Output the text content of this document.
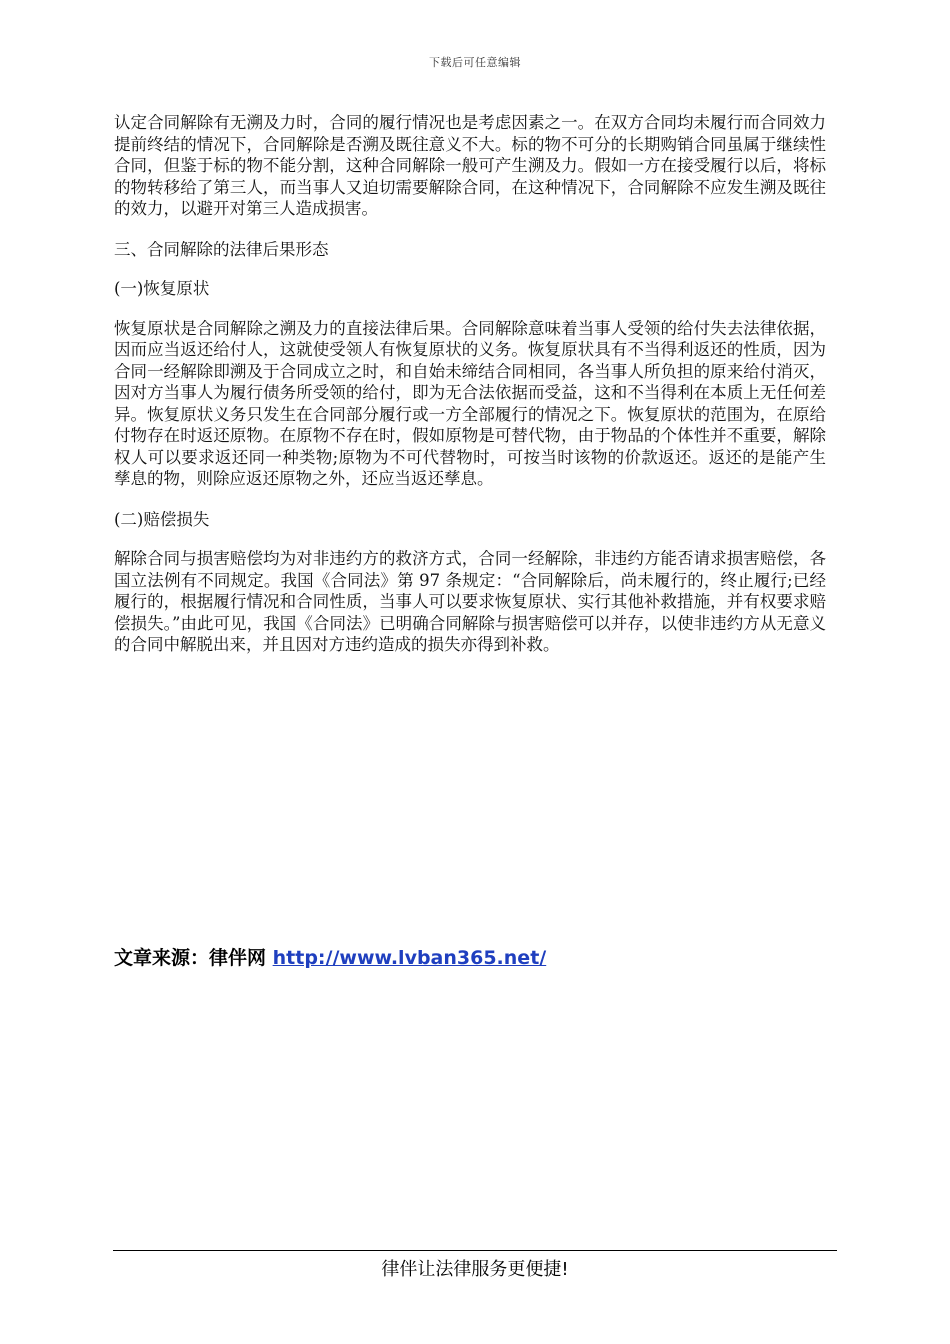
下载后可任意编辑

认定合同解除有无溯及力时，合同的履行情况也是考虑因素之一。在双方合同均未履行而合同效力提前终结的情况下，合同解除是否溯及既往意义不大。标的物不可分的长期购销合同虽属于继续性合同，但鉴于标的物不能分割，这种合同解除一般可产生溯及力。假如一方在接受履行以后，将标的物转移给了第三人，而当事人又迫切需要解除合同，在这种情况下，合同解除不应发生溯及既往的效力，以避开对第三人造成损害。

三、合同解除的法律后果形态

(一)恢复原状

恢复原状是合同解除之溯及力的直接法律后果。合同解除意味着当事人受领的给付失去法律依据，因而应当返还给付人，这就使受领人有恢复原状的义务。恢复原状具有不当得利返还的性质，因为合同一经解除即溯及于合同成立之时，和自始未缔结合同相同，各当事人所负担的原来给付消灭，因对方当事人为履行债务所受领的给付，即为无合法依据而受益，这和不当得利在本质上无任何差异。恢复原状义务只发生在合同部分履行或一方全部履行的情况之下。恢复原状的范围为，在原给付物存在时返还原物。在原物不存在时，假如原物是可替代物，由于物品的个体性并不重要，解除权人可以要求返还同一种类物;原物为不可代替物时，可按当时该物的价款返还。返还的是能产生孳息的物，则除应返还原物之外，还应当返还孳息。

(二)赔偿损失

解除合同与损害赔偿均为对非违约方的救济方式，合同一经解除，非违约方能否请求损害赔偿，各国立法例有不同规定。我国《合同法》第 97 条规定：“合同解除后，尚未履行的，终止履行;已经履行的，根据履行情况和合同性质，当事人可以要求恢复原状、实行其他补救措施，并有权要求赔偿损失。”由此可见，我国《合同法》已明确合同解除与损害赔偿可以并存，以使非违约方从无意义的合同中解脱出来，并且因对方违约造成的损失亦得到补救。

文章来源：律伴网 http://www.lvban365.net/
律伴让法律服务更便捷!
